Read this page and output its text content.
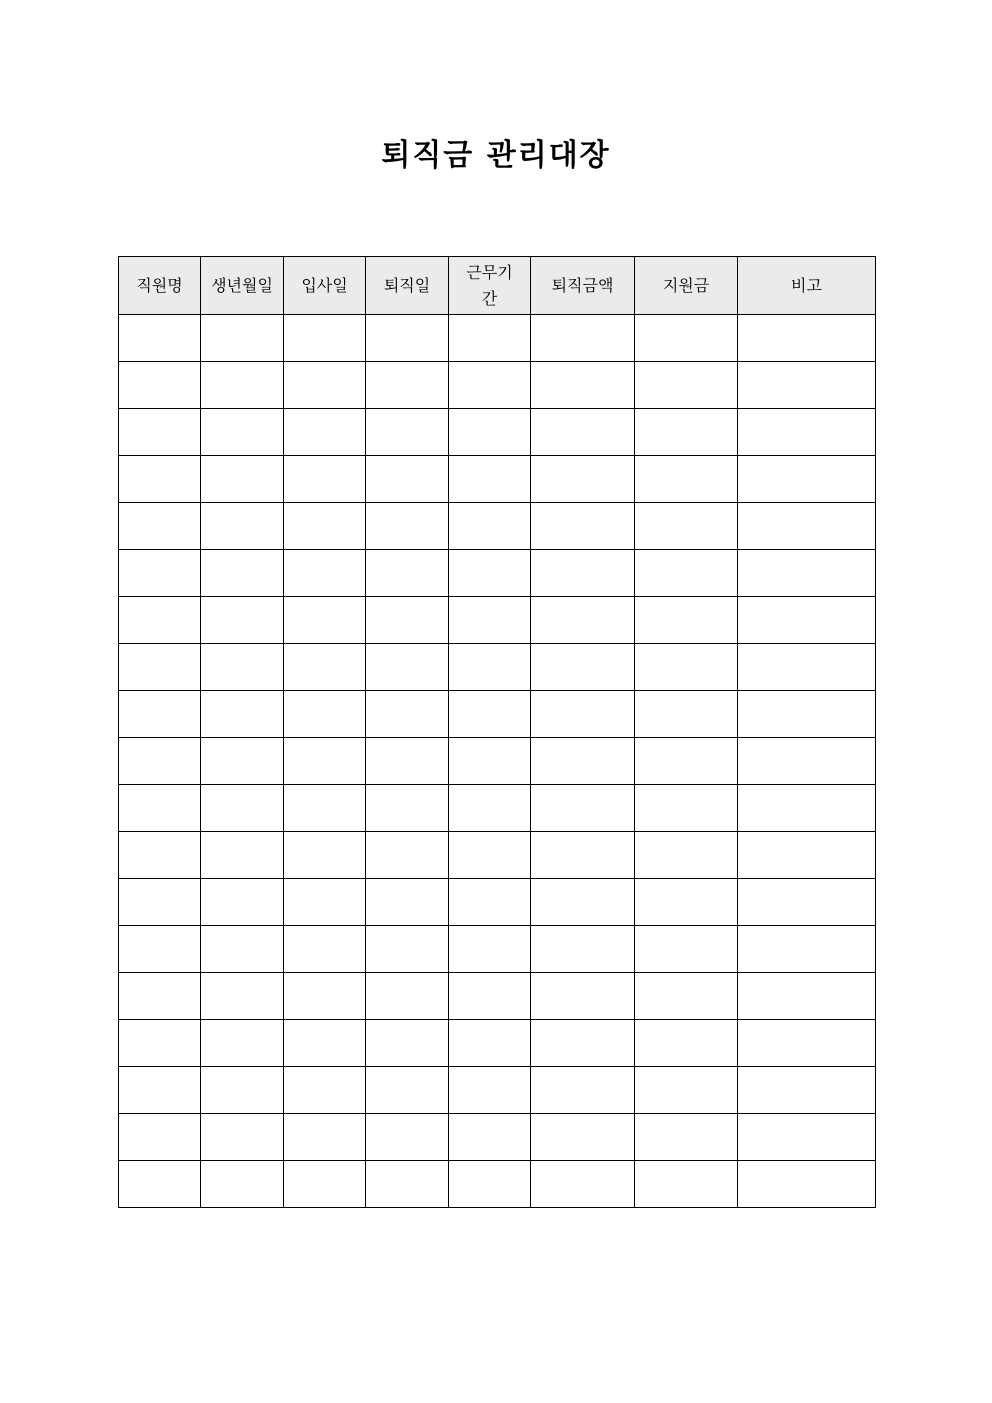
퇴직금 관리대장
직원명	생년월일	입사일	퇴직일	근무기간	퇴직금액	지원금	비고
